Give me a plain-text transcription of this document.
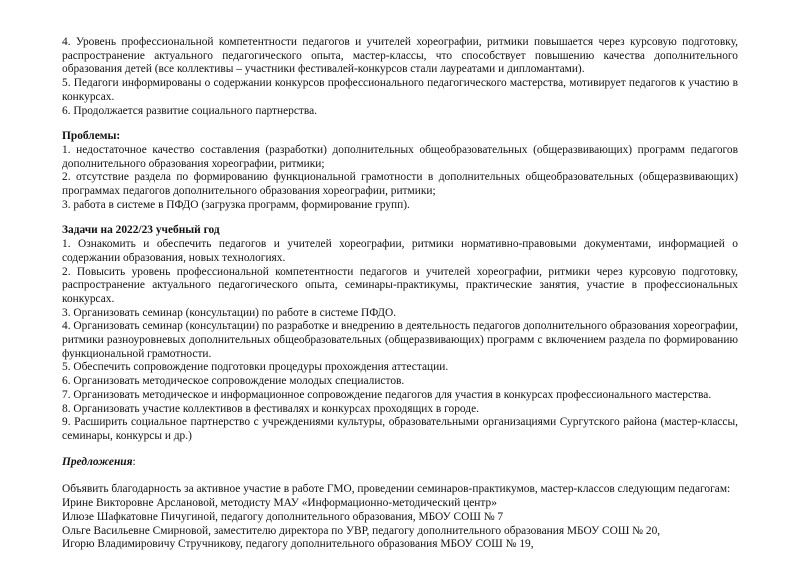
4. Уровень профессиональной компетентности педагогов и учителей хореографии, ритмики повышается через курсовую подготовку, распространение актуального педагогического опыта, мастер-классы, что способствует повышению качества дополнительного образования детей (все коллективы – участники фестивалей-конкурсов стали лауреатами и дипломантами).
5. Педагоги информированы о содержании конкурсов профессионального педагогического мастерства, мотивирует педагогов к участию в конкурсах.
6. Продолжается развитие социального партнерства.
Проблемы:
1. недостаточное качество составления (разработки) дополнительных общеобразовательных (общеразвивающих) программ педагогов дополнительного образования хореографии, ритмики;
2. отсутствие раздела по формированию функциональной грамотности в дополнительных общеобразовательных (общеразвивающих) программах педагогов дополнительного образования хореографии, ритмики;
3. работа в системе в ПФДО (загрузка программ, формирование групп).
Задачи на 2022/23 учебный год
1. Ознакомить и обеспечить педагогов и учителей хореографии, ритмики нормативно-правовыми документами, информацией о содержании образования, новых технологиях.
2. Повысить уровень профессиональной компетентности педагогов и учителей хореографии, ритмики через курсовую подготовку, распространение актуального педагогического опыта, семинары-практикумы, практические занятия, участие в профессиональных конкурсах.
3. Организовать семинар (консультации) по работе в системе ПФДО.
4. Организовать семинар (консультации) по разработке и внедрению в деятельность педагогов дополнительного образования хореографии, ритмики разноуровневых дополнительных общеобразовательных (общеразвивающих) программ с включением раздела по формированию функциональной грамотности.
5. Обеспечить сопровождение подготовки процедуры прохождения аттестации.
6. Организовать методическое сопровождение молодых специалистов.
7. Организовать методическое и информационное сопровождение педагогов для участия в конкурсах профессионального мастерства.
8. Организовать участие коллективов в фестивалях и конкурсах проходящих в городе.
9. Расширить социальное партнерство с учреждениями культуры, образовательными организациями Сургутского района (мастер-классы, семинары, конкурсы и др.)
Предложения:
Объявить благодарность за активное участие в работе ГМО, проведении семинаров-практикумов, мастер-классов следующим педагогам:
Ирине Викторовне Арслановой, методисту МАУ «Информационно-методический центр»
Илюзе Шафкатовне Пичугиной, педагогу дополнительного образования, МБОУ СОШ № 7
Ольге Васильевне Смирновой, заместителю директора по УВР, педагогу дополнительного образования МБОУ СОШ № 20,
Игорю Владимировичу Стручникову, педагогу дополнительного образования МБОУ СОШ № 19,
